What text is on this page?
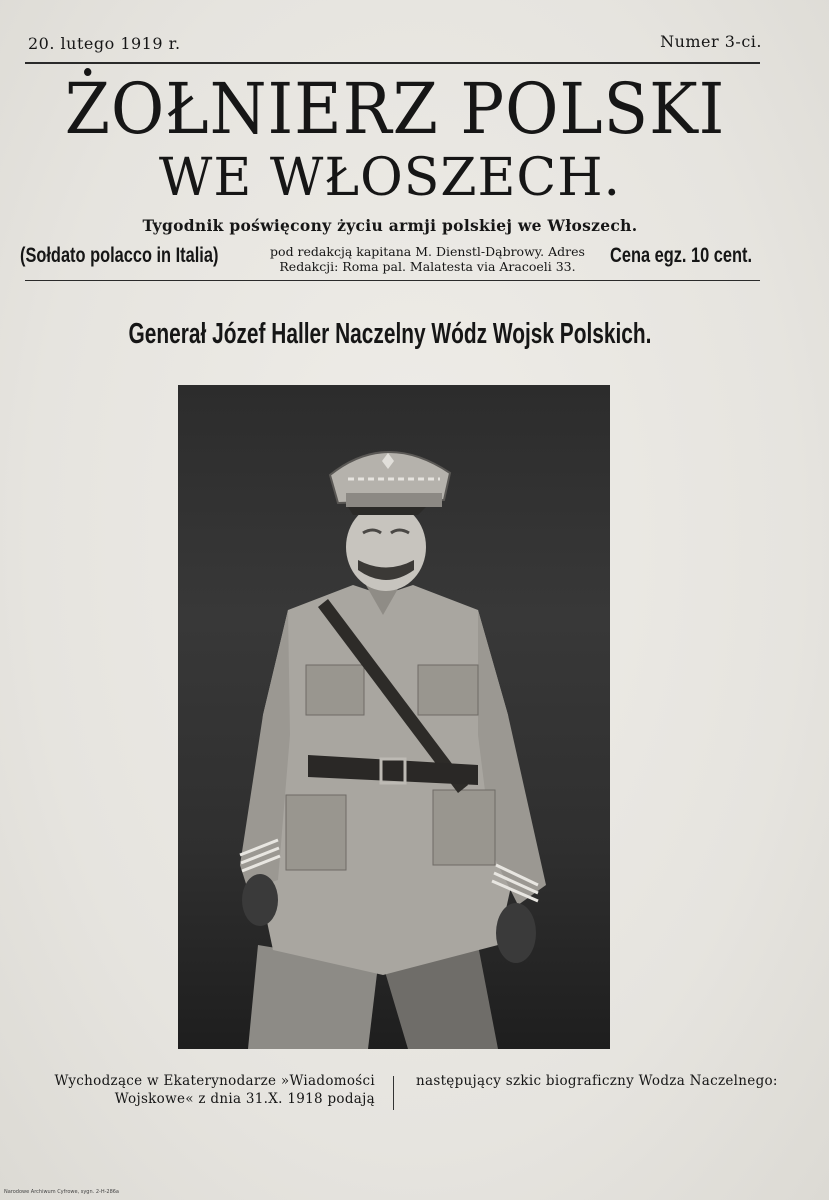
20. lutego 1919 r.	Numer 3-ci.
ŻOŁNIERZ POLSKI
WE WŁOSZECH.
Tygodnik poświęcony życiu armji polskiej we Włoszech.
(Sołdato polacco in Italia)	pod redakcją kapitana M. Dienstl-Dąbrowy. Adres
Redakcji: Roma pal. Malatesta via Aracoeli 33.	Cena egz. 10 cent.
Generał Józef Haller Naczelny Wódz Wojsk Polskich.
Wychodzące w Ekaterynodarze »Wiadomości Wojskowe« z dnia 31.X. 1918 podają
następujący szkic biograficzny Wodza Naczelnego:
Narodowe Archiwum Cyfrowe, sygn. 2-H-286a
